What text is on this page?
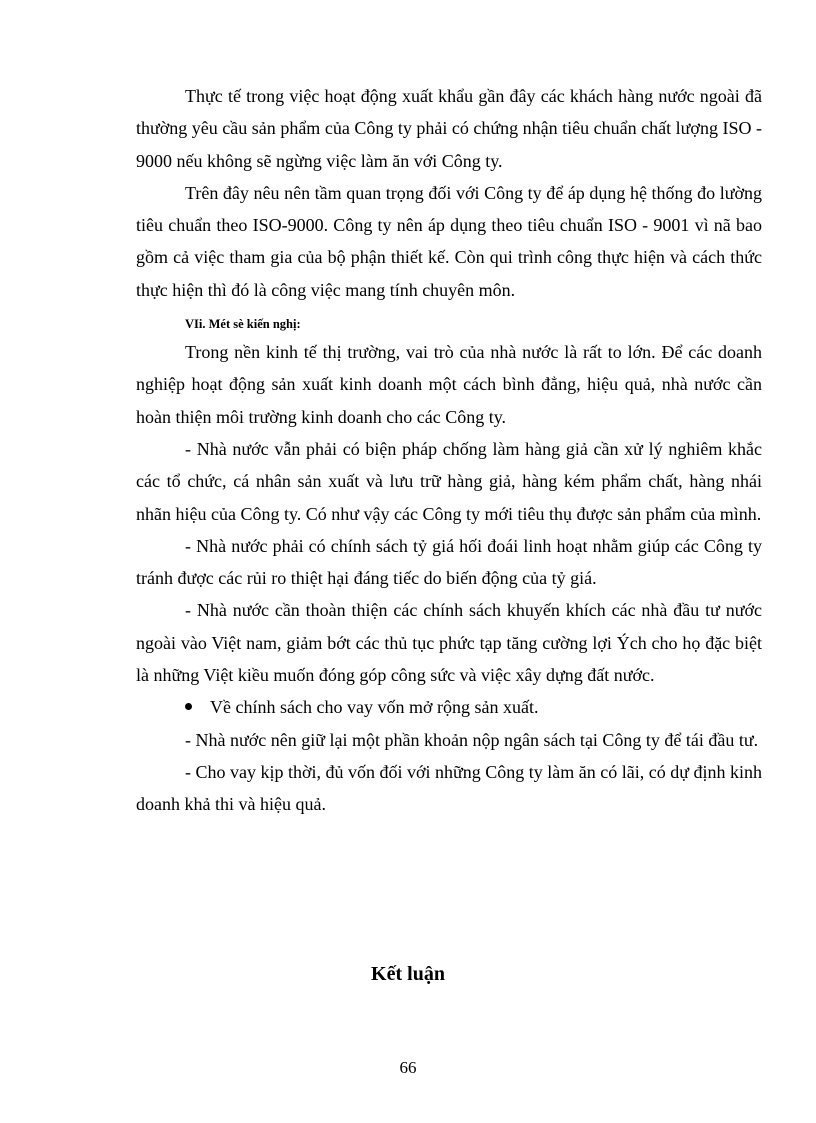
Thực tế trong việc hoạt động xuất khẩu gần đây các khách hàng nước ngoài đã thường yêu cầu sản phẩm của Công ty phải có chứng nhận tiêu chuẩn chất lượng ISO - 9000 nếu không sẽ ngừng việc làm ăn với Công ty.

Trên đây nêu nên tầm quan trọng đối với Công ty để áp dụng hệ thống đo lường tiêu chuẩn theo ISO-9000. Công ty nên áp dụng theo tiêu chuẩn ISO - 9001 vì nã bao gồm cả việc tham gia của bộ phận thiết kế. Còn qui trình công thực hiện và cách thức thực hiện thì đó là công việc mang tính chuyên môn.

VIi. Mét sè kiến nghị:

Trong nền kinh tế thị trường, vai trò của nhà nước là rất to lớn. Để các doanh nghiệp hoạt động sản xuất kinh doanh một cách bình đẳng, hiệu quả, nhà nước cần hoàn thiện môi trường kinh doanh cho các Công ty.

- Nhà nước vẫn phải có biện pháp chống làm hàng giả cần xử lý nghiêm khắc các tổ chức, cá nhân sản xuất và lưu trữ hàng giả, hàng kém phẩm chất, hàng nhái nhãn hiệu của Công ty. Có như vậy các Công ty mới tiêu thụ được sản phẩm của mình.

- Nhà nước phải có chính sách tỷ giá hối đoái linh hoạt nhằm giúp các Công ty tránh được các rủi ro thiệt hại đáng tiếc do biến động của tỷ giá.

- Nhà nước cần thoàn thiện các chính sách khuyến khích các nhà đầu tư nước ngoài vào Việt nam, giảm bớt các thủ tục phức tạp tăng cường lợi Ých cho họ đặc biệt là những Việt kiều muốn đóng góp công sức và việc xây dựng đất nước.

Về chính sách cho vay vốn mở rộng sản xuất.

- Nhà nước nên giữ lại một phần khoản nộp ngân sách tại Công ty để tái đầu tư.

- Cho vay kịp thời, đủ vốn đối với những Công ty làm ăn có lãi, có dự định kinh doanh khả thi và hiệu quả.

Kết luận
66
